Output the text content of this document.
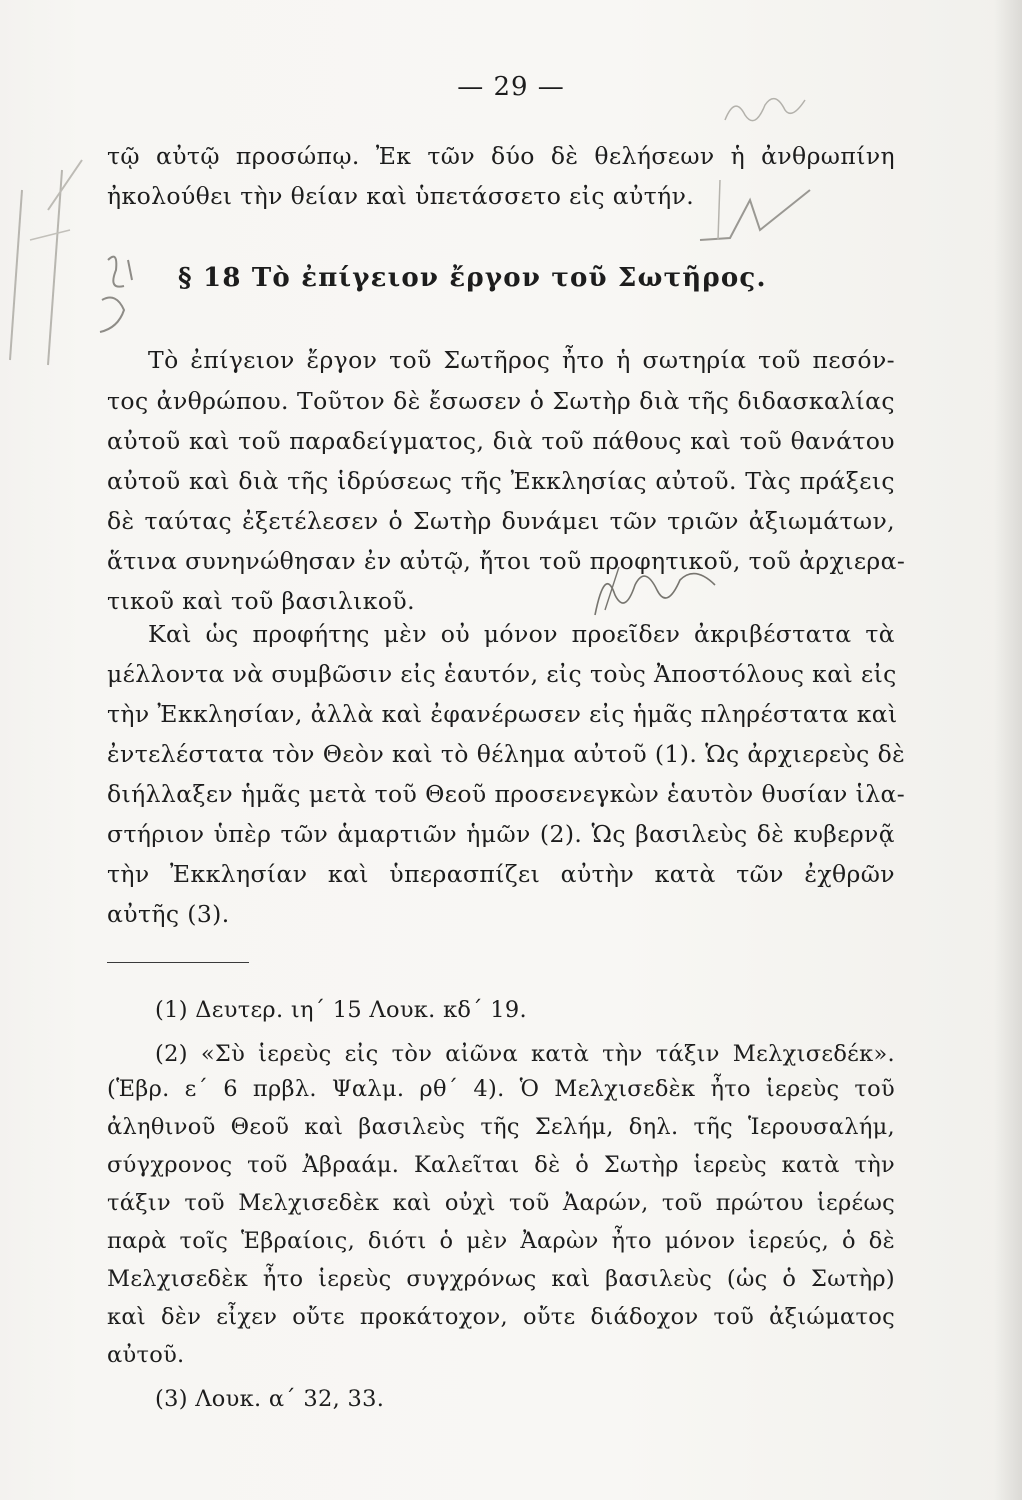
— 29 —
τῷ αὐτῷ προσώπῳ. Ἐκ τῶν δύο δὲ θελήσεων ἡ ἀνθρωπίνη
ἠκολούθει τὴν θείαν καὶ ὑπετάσσετο εἰς αὐτήν.
§ 18 Τὸ ἐπίγειον ἔργον τοῦ Σωτῆρος.
Τὸ ἐπίγειον ἔργον τοῦ Σωτῆρος ἦτο ἡ σωτηρία τοῦ πεσόν-
τος ἀνθρώπου. Τοῦτον δὲ ἔσωσεν ὁ Σωτὴρ διὰ τῆς διδασκαλίας
αὐτοῦ καὶ τοῦ παραδείγματος, διὰ τοῦ πάθους καὶ τοῦ θανάτου
αὐτοῦ καὶ διὰ τῆς ἱδρύσεως τῆς Ἐκκλησίας αὐτοῦ. Τὰς πράξεις
δὲ ταύτας ἐξετέλεσεν ὁ Σωτὴρ δυνάμει τῶν τριῶν ἀξιωμάτων,
ἅτινα συνηνώθησαν ἐν αὐτῷ, ἤτοι τοῦ προφητικοῦ, τοῦ ἀρχιερα-
τικοῦ καὶ τοῦ βασιλικοῦ.
Καὶ ὡς προφήτης μὲν οὐ μόνον προεῖδεν ἀκριβέστατα τὰ
μέλλοντα νὰ συμβῶσιν εἰς ἑαυτόν, εἰς τοὺς Ἀποστόλους καὶ εἰς
τὴν Ἐκκλησίαν, ἀλλὰ καὶ ἐφανέρωσεν εἰς ἡμᾶς πληρέστατα καὶ
ἐντελέστατα τὸν Θεὸν καὶ τὸ θέλημα αὐτοῦ (1). Ὡς ἀρχιερεὺς δὲ
διήλλαξεν ἡμᾶς μετὰ τοῦ Θεοῦ προσενεγκὼν ἑαυτὸν θυσίαν ἱλα-
στήριον ὑπὲρ τῶν ἁμαρτιῶν ἡμῶν (2). Ὡς βασιλεὺς δὲ κυβερνᾷ
τὴν Ἐκκλησίαν καὶ ὑπερασπίζει αὐτὴν κατὰ τῶν ἐχθρῶν
αὐτῆς (3).
(1) Δευτερ. ιη΄ 15 Λουκ. κδ΄ 19.
(2) «Σὺ ἱερεὺς εἰς τὸν αἰῶνα κατὰ τὴν τάξιν Μελχισεδέκ».
(Ἑβρ. ε΄ 6 πρβλ. Ψαλμ. ρθ΄ 4). Ὁ Μελχισεδὲκ ἦτο ἱερεὺς τοῦ
ἀληθινοῦ Θεοῦ καὶ βασιλεὺς τῆς Σελήμ, δηλ. τῆς Ἱερουσαλήμ,
σύγχρονος τοῦ Ἀβραάμ. Καλεῖται δὲ ὁ Σωτὴρ ἱερεὺς κατὰ τὴν
τάξιν τοῦ Μελχισεδὲκ καὶ οὐχὶ τοῦ Ἀαρών, τοῦ πρώτου ἱερέως
παρὰ τοῖς Ἑβραίοις, διότι ὁ μὲν Ἀαρὼν ἦτο μόνον ἱερεύς, ὁ δὲ
Μελχισεδὲκ ἦτο ἱερεὺς συγχρόνως καὶ βασιλεὺς (ὡς ὁ Σωτὴρ)
καὶ δὲν εἶχεν οὔτε προκάτοχον, οὔτε διάδοχον τοῦ ἀξιώματος
αὐτοῦ.
(3) Λουκ. α΄ 32, 33.
